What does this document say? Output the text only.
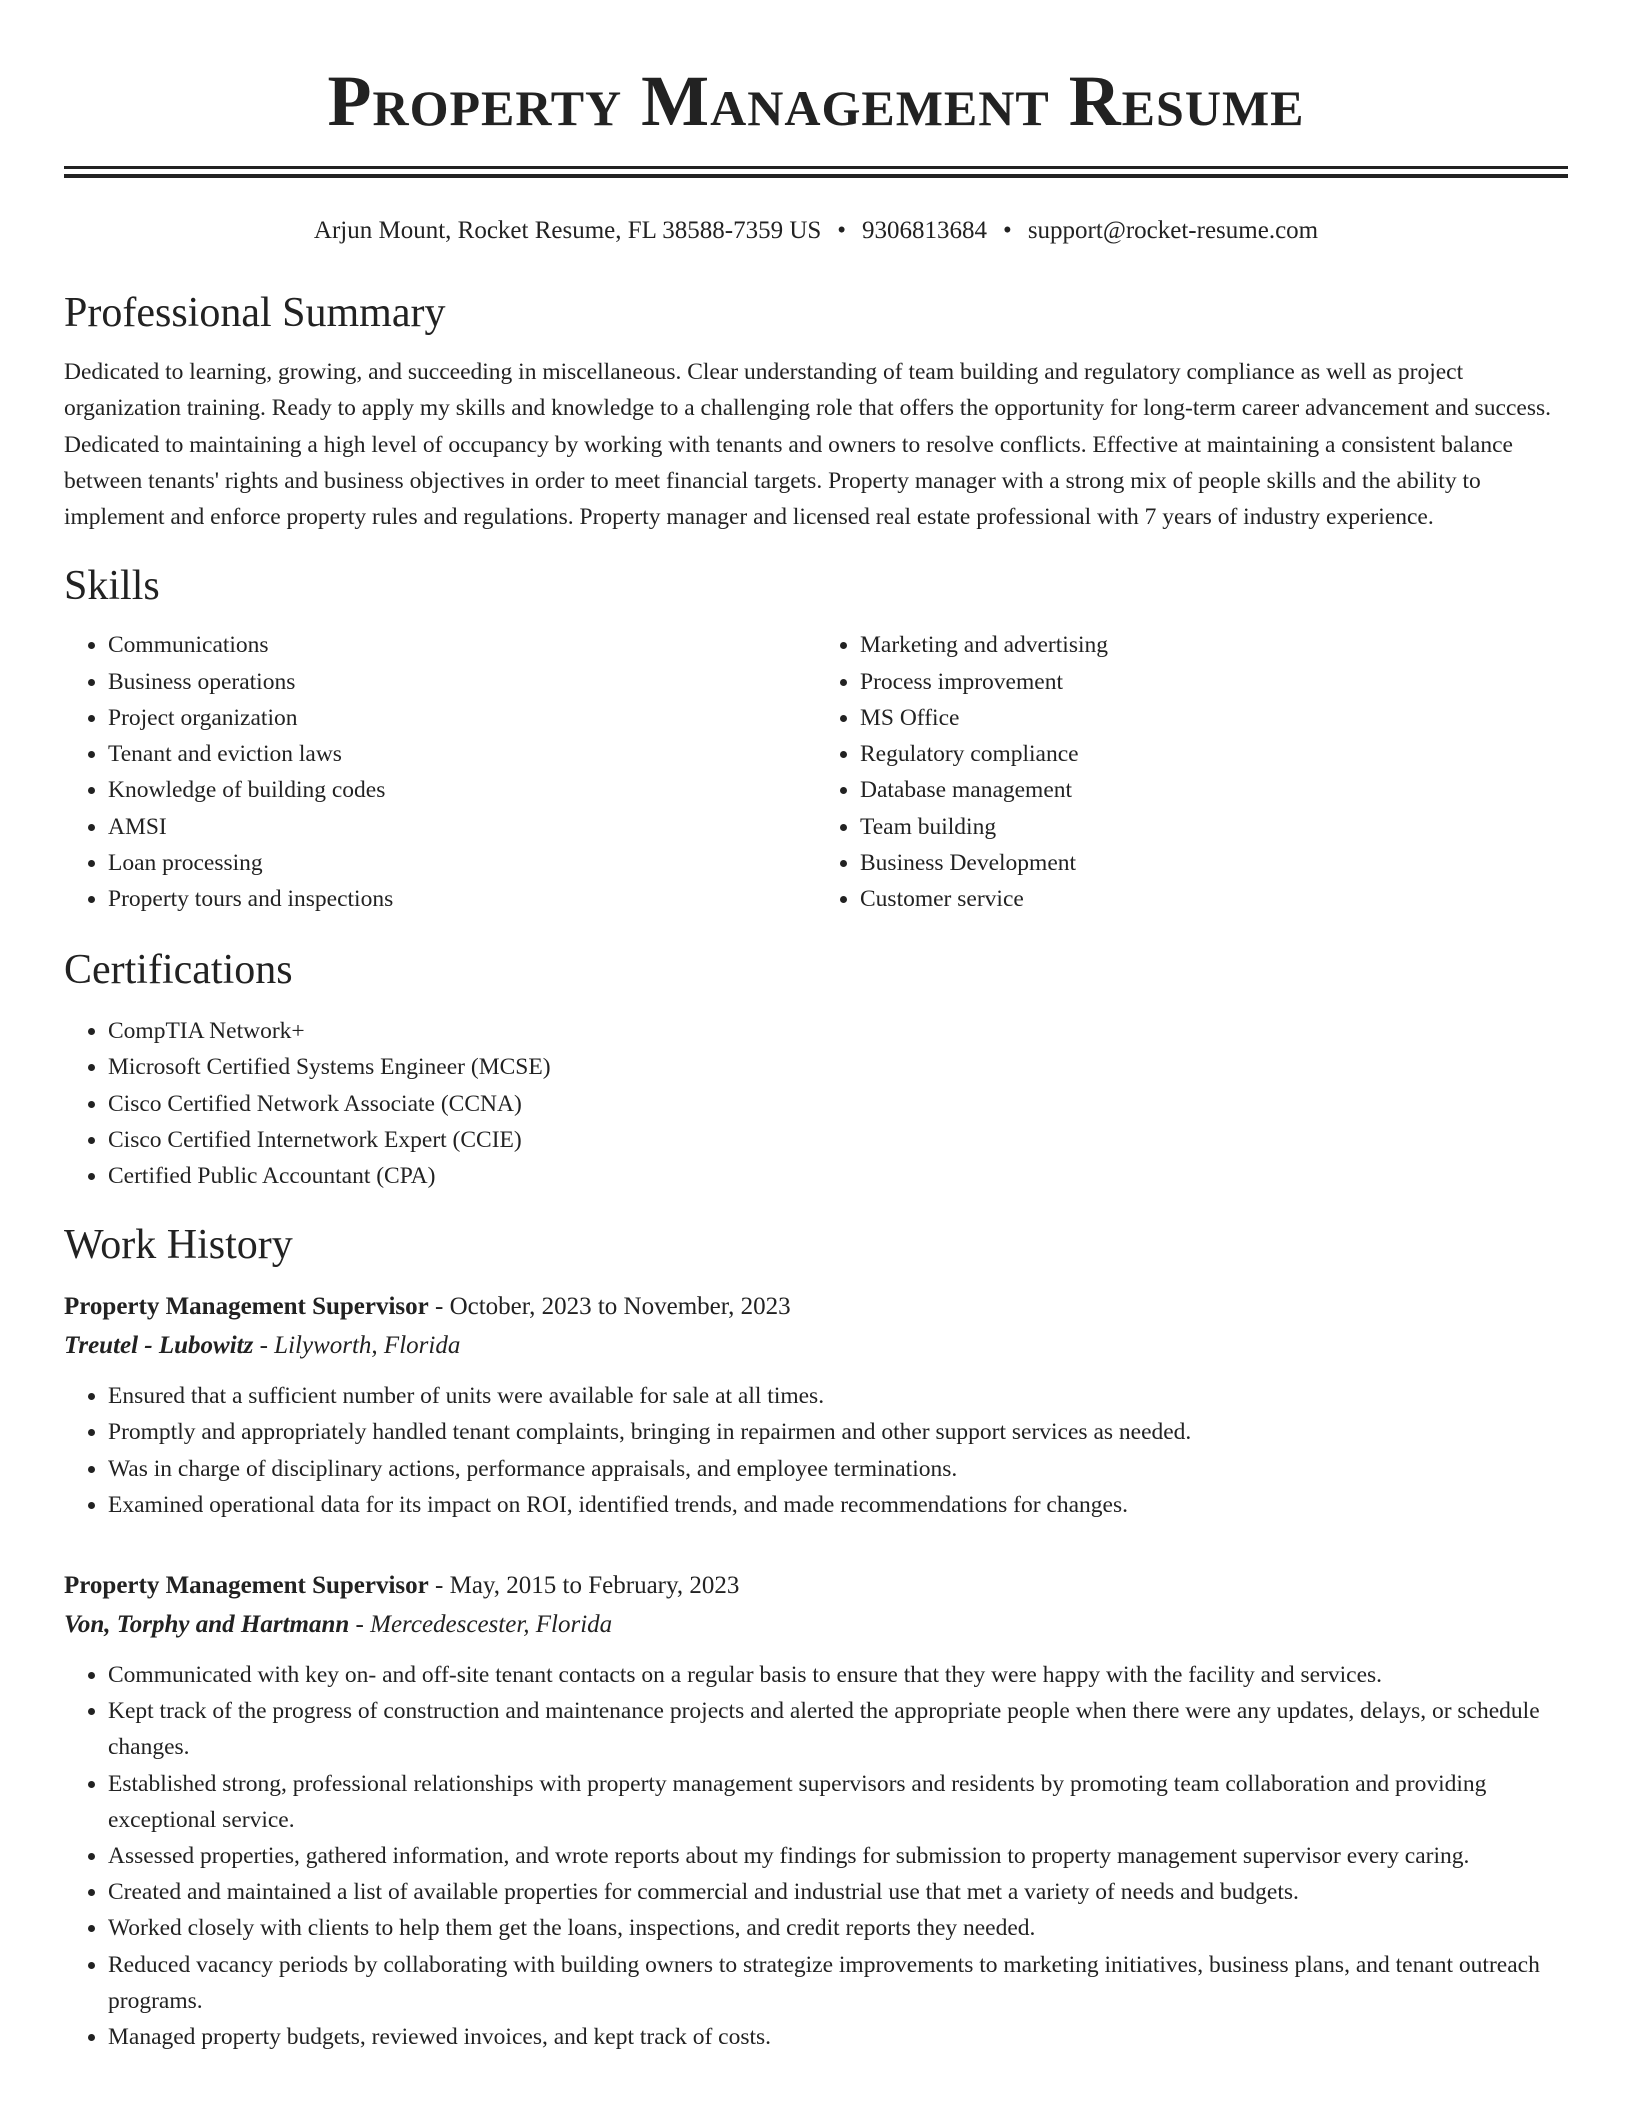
Property Management Resume
Arjun Mount, Rocket Resume, FL 38588-7359 US • 9306813684 • support@rocket-resume.com
Professional Summary

Dedicated to learning, growing, and succeeding in miscellaneous. Clear understanding of team building and regulatory compliance as well as project organization training. Ready to apply my skills and knowledge to a challenging role that offers the opportunity for long-term career advancement and success. Dedicated to maintaining a high level of occupancy by working with tenants and owners to resolve conflicts. Effective at maintaining a consistent balance between tenants' rights and business objectives in order to meet financial targets. Property manager with a strong mix of people skills and the ability to implement and enforce property rules and regulations. Property manager and licensed real estate professional with 7 years of industry experience.

Skills
• Communications
• Business operations
• Project organization
• Tenant and eviction laws
• Knowledge of building codes
• AMSI
• Loan processing
• Property tours and inspections
• Marketing and advertising
• Process improvement
• MS Office
• Regulatory compliance
• Database management
• Team building
• Business Development
• Customer service
Certifications
• CompTIA Network+
• Microsoft Certified Systems Engineer (MCSE)
• Cisco Certified Network Associate (CCNA)
• Cisco Certified Internetwork Expert (CCIE)
• Certified Public Accountant (CPA)
Work History
Property Management Supervisor - October, 2023 to November, 2023
Treutel - Lubowitz - Lilyworth, Florida
• Ensured that a sufficient number of units were available for sale at all times.
• Promptly and appropriately handled tenant complaints, bringing in repairmen and other support services as needed.
• Was in charge of disciplinary actions, performance appraisals, and employee terminations.
• Examined operational data for its impact on ROI, identified trends, and made recommendations for changes.
Property Management Supervisor - May, 2015 to February, 2023
Von, Torphy and Hartmann - Mercedescester, Florida
• Communicated with key on- and off-site tenant contacts on a regular basis to ensure that they were happy with the facility and services.
• Kept track of the progress of construction and maintenance projects and alerted the appropriate people when there were any updates, delays, or schedule changes.
• Established strong, professional relationships with property management supervisors and residents by promoting team collaboration and providing exceptional service.
• Assessed properties, gathered information, and wrote reports about my findings for submission to property management supervisor every caring.
• Created and maintained a list of available properties for commercial and industrial use that met a variety of needs and budgets.
• Worked closely with clients to help them get the loans, inspections, and credit reports they needed.
• Reduced vacancy periods by collaborating with building owners to strategize improvements to marketing initiatives, business plans, and tenant outreach programs.
• Managed property budgets, reviewed invoices, and kept track of costs.
